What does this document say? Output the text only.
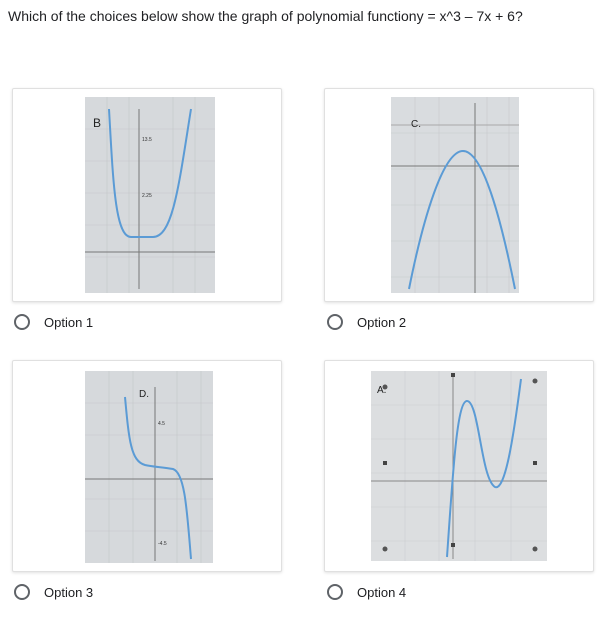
Which of the choices below show the graph of polynomial functiony = x^3 – 7x + 6?
B
13.5
2.25
C.
Option 1	Option 2
D.
4.5
-4.5
A.
Option 3	Option 4
